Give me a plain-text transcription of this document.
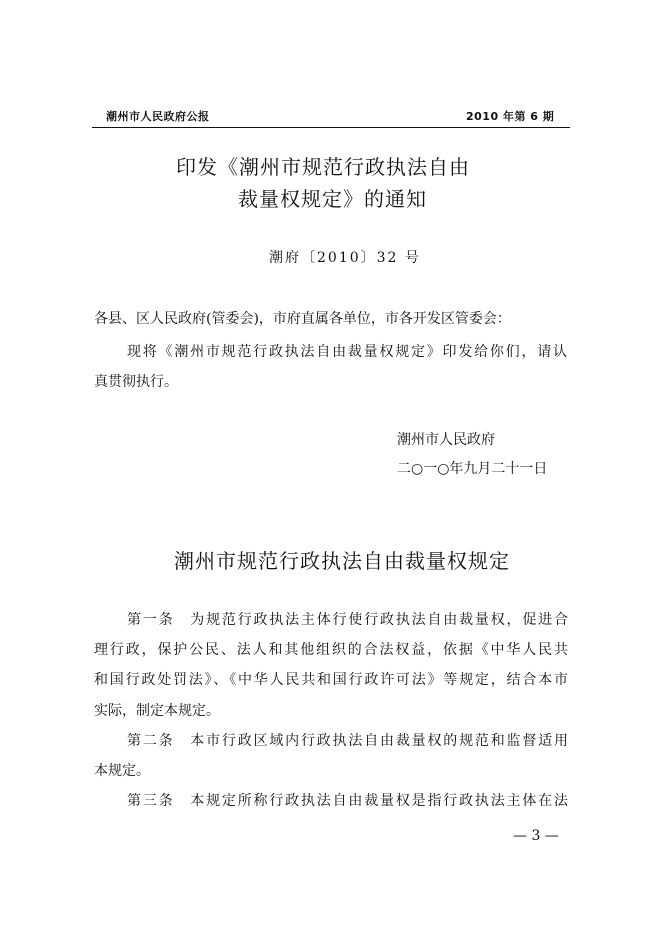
潮州市人民政府公报	2010 年第 6 期
印发《潮州市规范行政执法自由
裁量权规定》的通知
潮府〔2010〕32 号
各县、区人民政府(管委会)，市府直属各单位，市各开发区管委会：
现将《潮州市规范行政执法自由裁量权规定》印发给你们，请认
真贯彻执行。
潮州市人民政府
二○一○年九月二十一日
潮州市规范行政执法自由裁量权规定
第一条　为规范行政执法主体行使行政执法自由裁量权，促进合
理行政，保护公民、法人和其他组织的合法权益，依据《中华人民共
和国行政处罚法》、《中华人民共和国行政许可法》等规定，结合本市
实际，制定本规定。
第二条　本市行政区域内行政执法自由裁量权的规范和监督适用
本规定。
第三条　本规定所称行政执法自由裁量权是指行政执法主体在法
— 3 —
